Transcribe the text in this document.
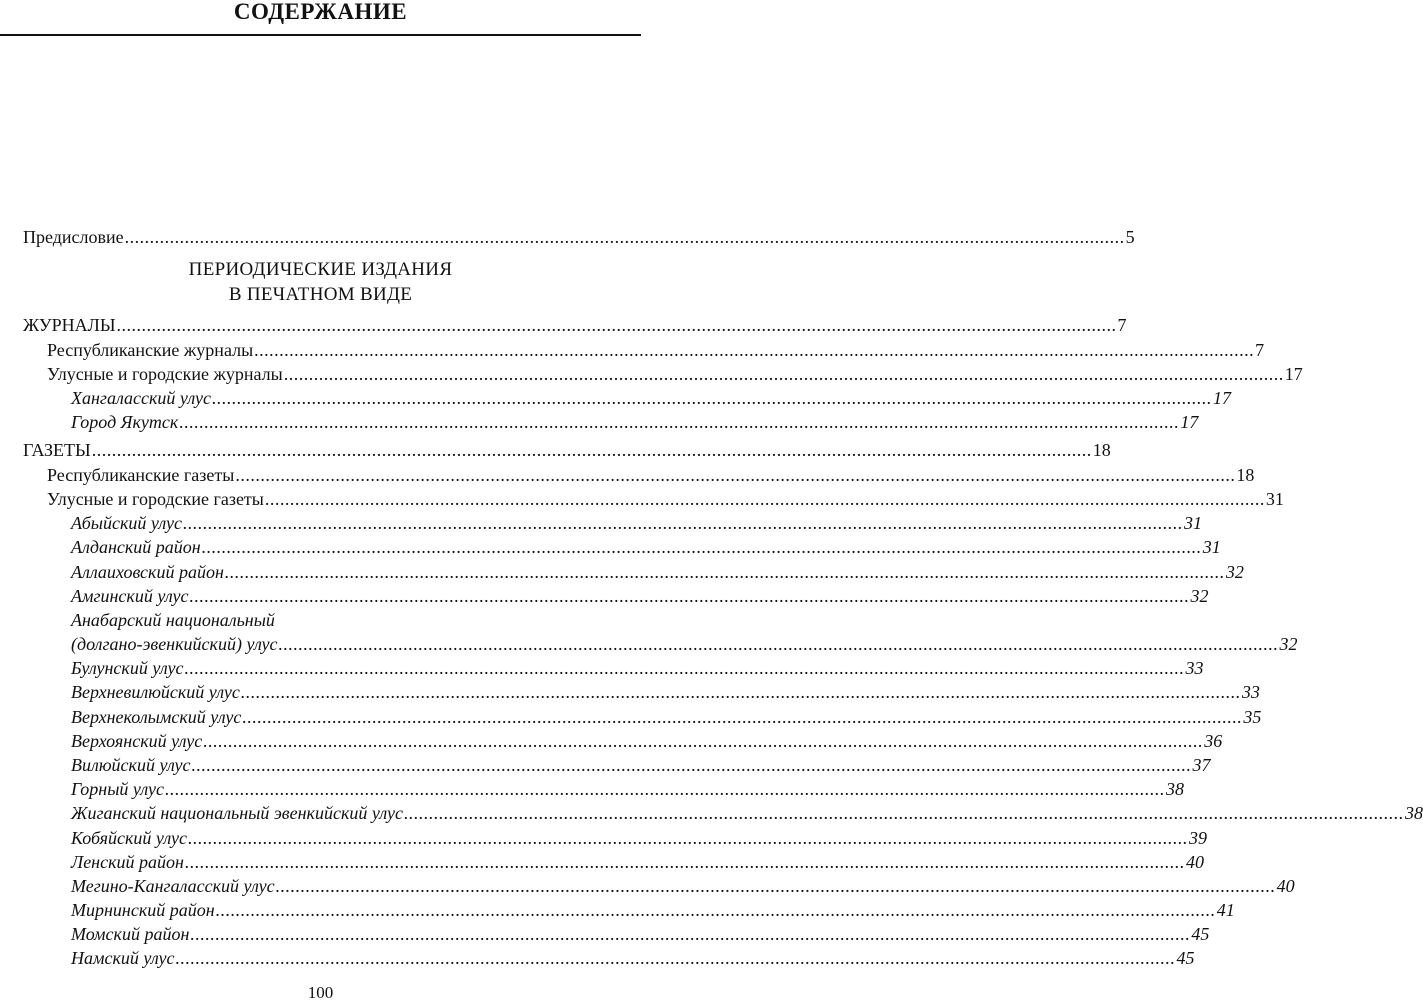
СОДЕРЖАНИЕ
Предисловие ........................................................................................................................................................................................................ 5
ПЕРИОДИЧЕСКИЕ ИЗДАНИЯ
В ПЕЧАТНОМ ВИДЕ
ЖУРНАЛЫ ........................................................................................................................................................................................................ 7
Республиканские журналы ........................................................................................................................................................................................................ 7
Улусные и городские журналы ........................................................................................................................................................................................................ 17
Хангаласский улус ........................................................................................................................................................................................................ 17
Город Якутск ........................................................................................................................................................................................................ 17
ГАЗЕТЫ ........................................................................................................................................................................................................ 18
Республиканские газеты ........................................................................................................................................................................................................ 18
Улусные и городские газеты ........................................................................................................................................................................................................ 31
Абыйский улус ........................................................................................................................................................................................................ 31
Алданский район ........................................................................................................................................................................................................ 31
Аллаиховский район ........................................................................................................................................................................................................ 32
Амгинский улус ........................................................................................................................................................................................................ 32
Анабарский национальный
(долгано-эвенкийский) улус ........................................................................................................................................................................................................ 32
Булунский улус ........................................................................................................................................................................................................ 33
Верхневилюйский улус ........................................................................................................................................................................................................ 33
Верхнеколымский улус ........................................................................................................................................................................................................ 35
Верхоянский улус ........................................................................................................................................................................................................ 36
Вилюйский улус ........................................................................................................................................................................................................ 37
Горный улус ........................................................................................................................................................................................................ 38
Жиганский национальный эвенкийский улус ........................................................................................................................................................................................................ 38
Кобяйский улус ........................................................................................................................................................................................................ 39
Ленский район ........................................................................................................................................................................................................ 40
Мегино-Кангаласский улус ........................................................................................................................................................................................................ 40
Мирнинский район ........................................................................................................................................................................................................ 41
Момский район ........................................................................................................................................................................................................ 45
Намский улус ........................................................................................................................................................................................................ 45
100
